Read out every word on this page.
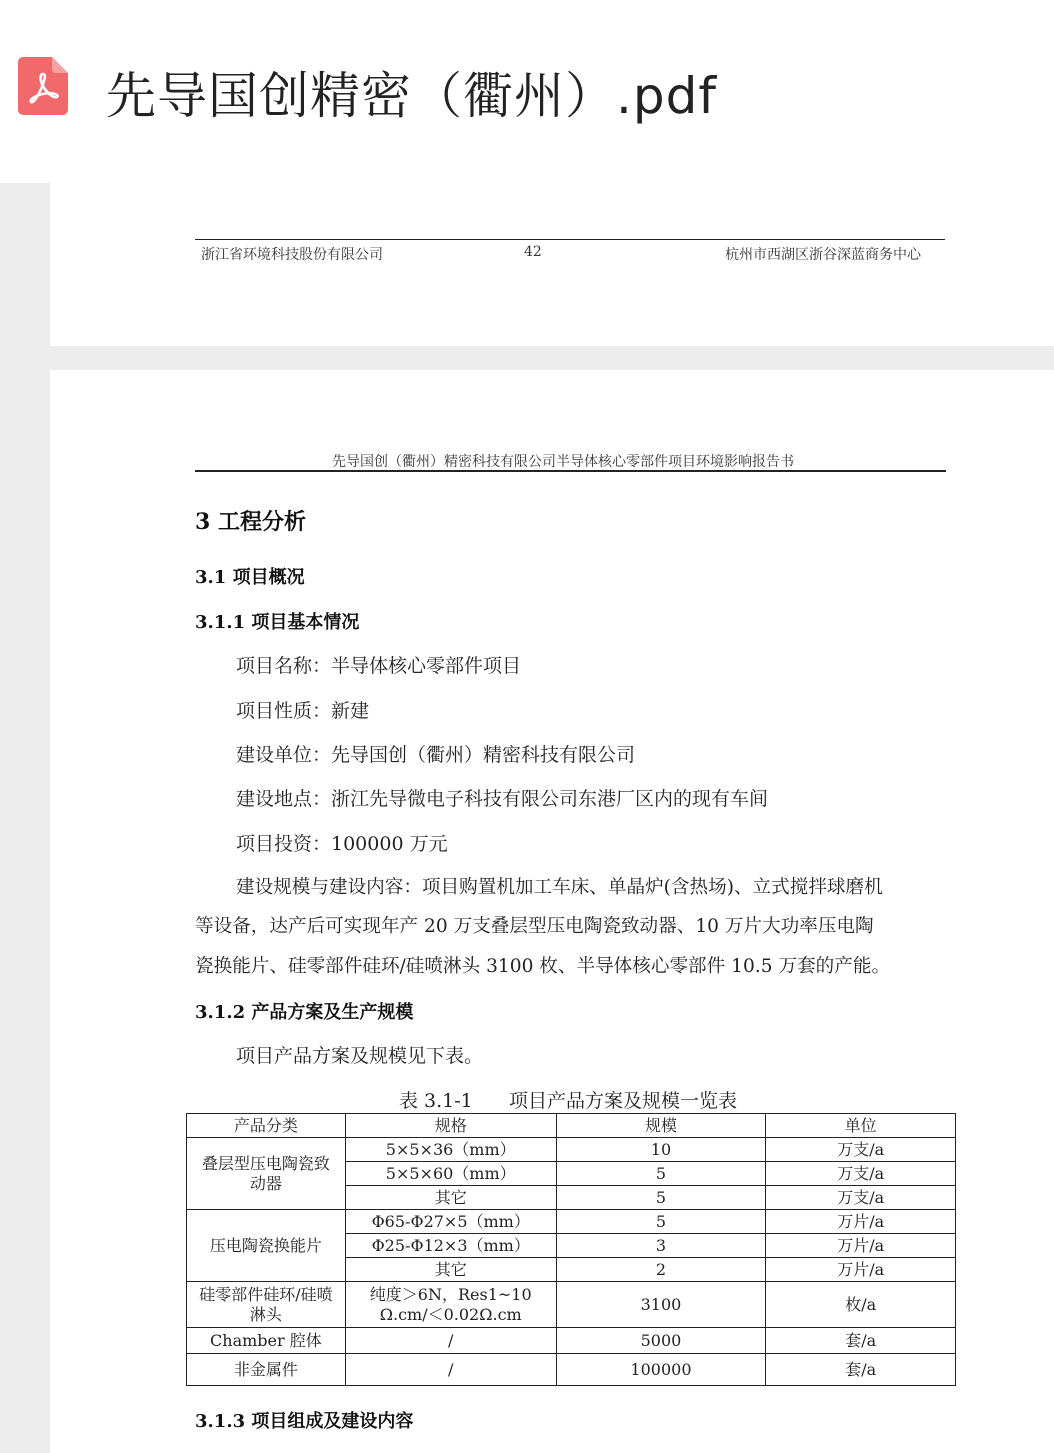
先导国创精密（衢州）.pdf
浙江省环境科技股份有限公司	42	杭州市西湖区浙谷深蓝商务中心
先导国创（衢州）精密科技有限公司半导体核心零部件项目环境影响报告书
3 工程分析
3.1 项目概况
3.1.1 项目基本情况
项目名称：半导体核心零部件项目
项目性质：新建
建设单位：先导国创（衢州）精密科技有限公司
建设地点：浙江先导微电子科技有限公司东港厂区内的现有车间
项目投资：100000 万元
建设规模与建设内容：项目购置机加工车床、单晶炉(含热场)、立式搅拌球磨机
等设备，达产后可实现年产 20 万支叠层型压电陶瓷致动器、10 万片大功率压电陶
瓷换能片、硅零部件硅环/硅喷淋头 3100 枚、半导体核心零部件 10.5 万套的产能。
3.1.2 产品方案及生产规模
项目产品方案及规模见下表。
表 3.1-1      项目产品方案及规模一览表
产品分类	规格	规模	单位
叠层型压电陶瓷致动器	5×5×36（mm）	10	万支/a
	5×5×60（mm）	5	万支/a
	其它	5	万支/a
压电陶瓷换能片	Φ65-Φ27×5（mm）	5	万片/a
	Φ25-Φ12×3（mm）	3	万片/a
	其它	2	万片/a
硅零部件硅环/硅喷淋头	纯度＞6N，Res1~10 Ω.cm/＜0.02Ω.cm	3100	枚/a
Chamber 腔体	/	5000	套/a
非金属件	/	100000	套/a
3.1.3 项目组成及建设内容
